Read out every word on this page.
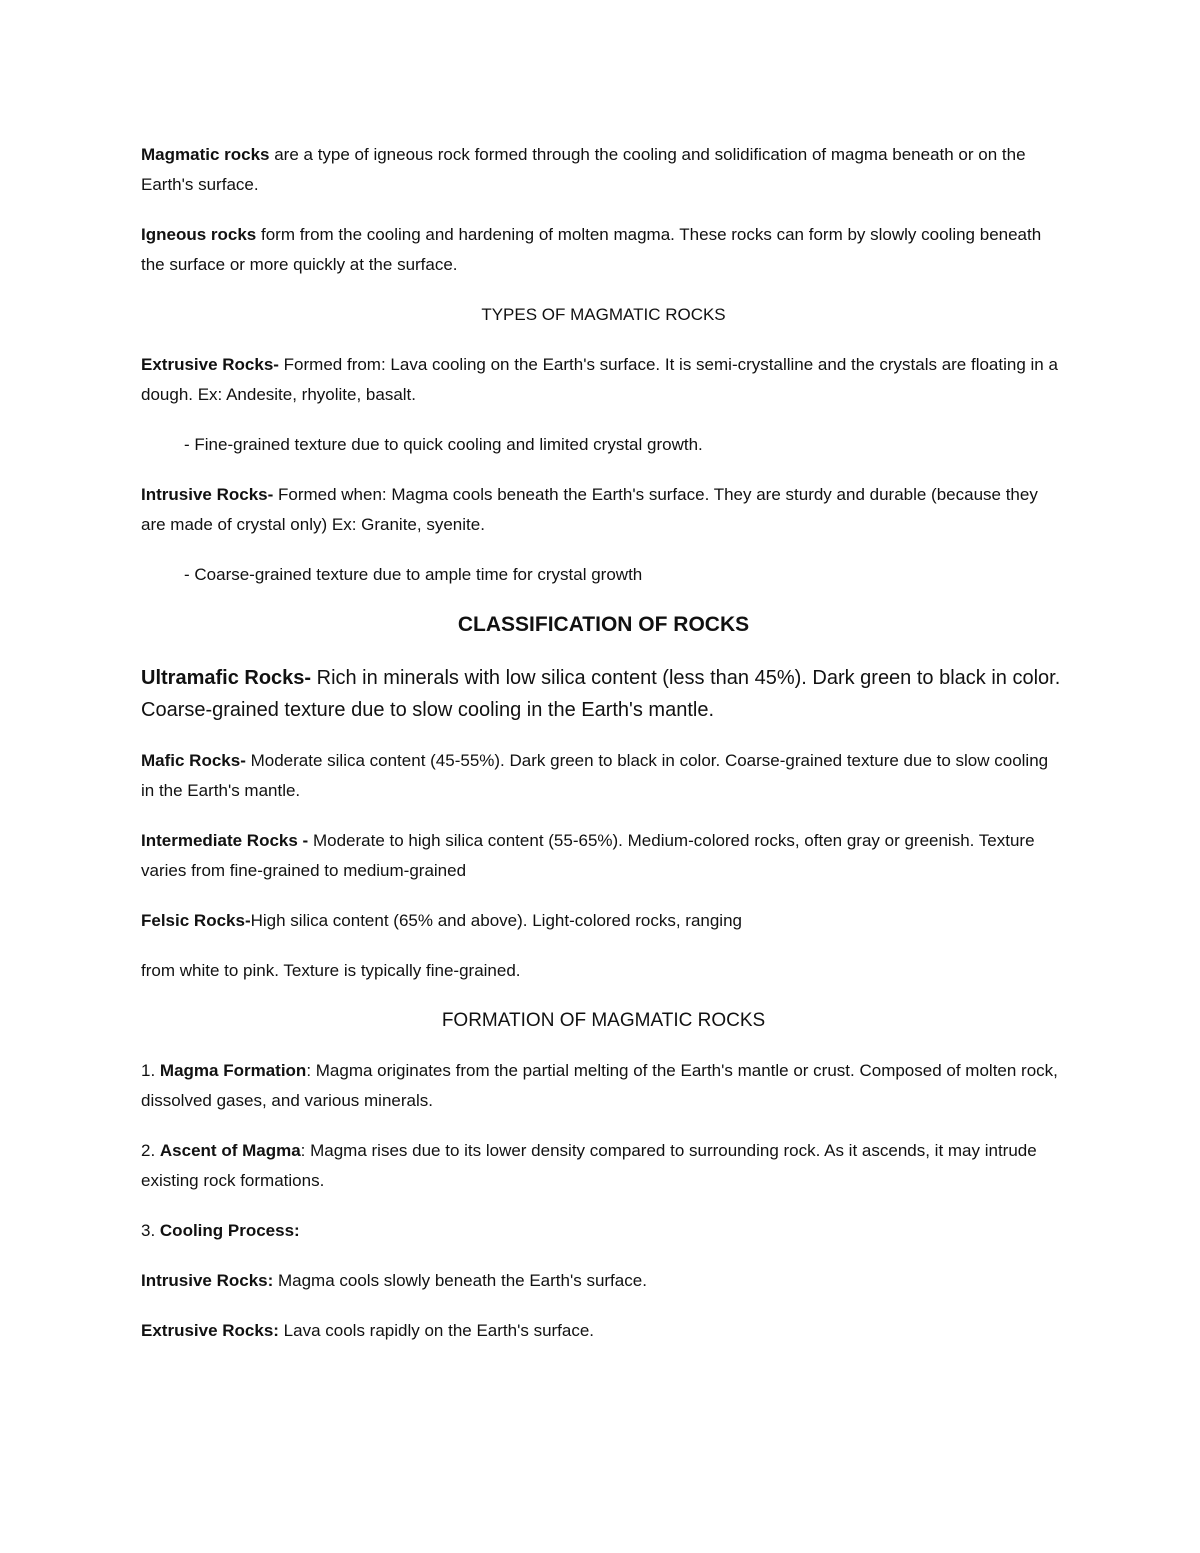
Magmatic rocks are a type of igneous rock formed through the cooling and solidification of magma beneath or on the Earth's surface.

Igneous rocks form from the cooling and hardening of molten magma. These rocks can form by slowly cooling beneath the surface or more quickly at the surface.

TYPES OF MAGMATIC ROCKS

Extrusive Rocks- Formed from: Lava cooling on the Earth's surface. It is semi-crystalline and the crystals are floating in a dough. Ex: Andesite, rhyolite, basalt.

- Fine-grained texture due to quick cooling and limited crystal growth.

Intrusive Rocks- Formed when: Magma cools beneath the Earth's surface. They are sturdy and durable (because they are made of crystal only) Ex: Granite, syenite.

- Coarse-grained texture due to ample time for crystal growth

CLASSIFICATION OF ROCKS

Ultramafic Rocks- Rich in minerals with low silica content (less than 45%). Dark green to black in color. Coarse-grained texture due to slow cooling in the Earth's mantle.

Mafic Rocks- Moderate silica content (45-55%). Dark green to black in color. Coarse-grained texture due to slow cooling in the Earth's mantle.

Intermediate Rocks - Moderate to high silica content (55-65%). Medium-colored rocks, often gray or greenish. Texture varies from fine-grained to medium-grained

Felsic Rocks-High silica content (65% and above). Light-colored rocks, ranging

from white to pink. Texture is typically fine-grained.

FORMATION OF MAGMATIC ROCKS

1. Magma Formation: Magma originates from the partial melting of the Earth's mantle or crust. Composed of molten rock, dissolved gases, and various minerals.

2. Ascent of Magma: Magma rises due to its lower density compared to surrounding rock. As it ascends, it may intrude existing rock formations.

3. Cooling Process:

Intrusive Rocks: Magma cools slowly beneath the Earth's surface.

Extrusive Rocks: Lava cools rapidly on the Earth's surface.
